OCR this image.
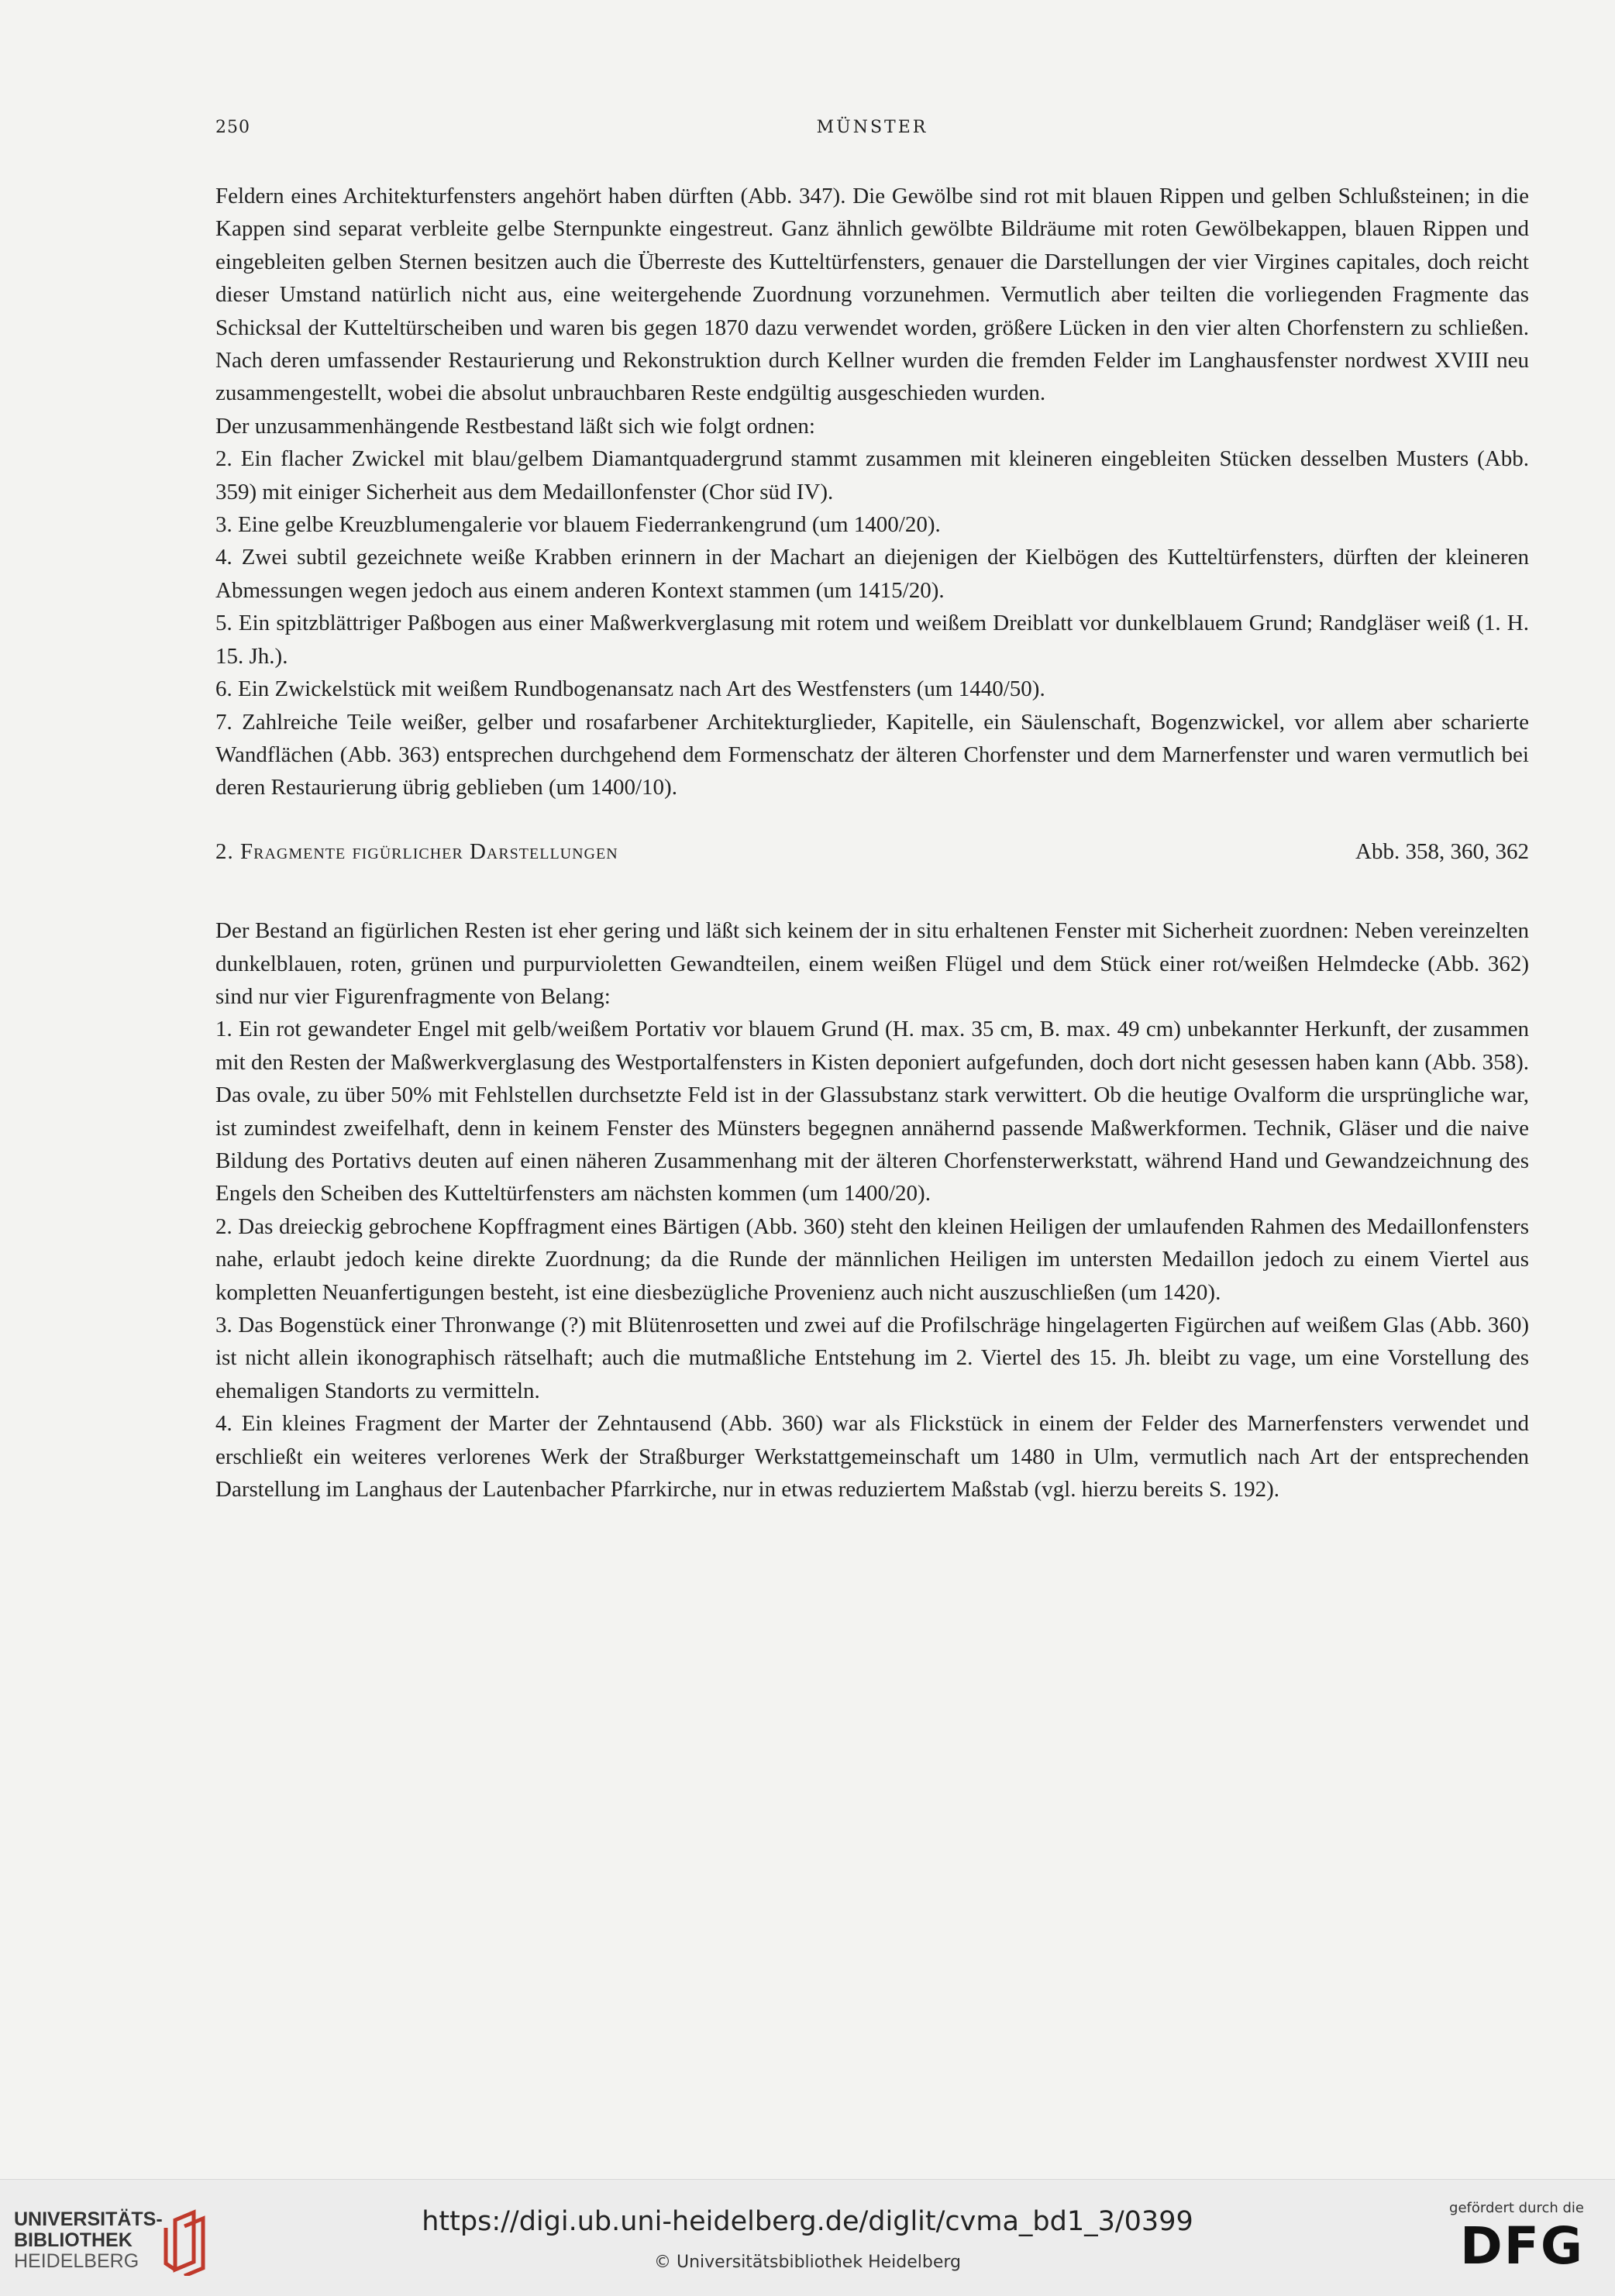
250	MÜNSTER

Feldern eines Architekturfensters angehört haben dürften (Abb. 347). Die Gewölbe sind rot mit blauen Rippen und gelben Schlußsteinen; in die Kappen sind separat verbleite gelbe Sternpunkte eingestreut. Ganz ähnlich gewölbte Bildräume mit roten Gewölbekappen, blauen Rippen und eingebleiten gelben Sternen besitzen auch die Überreste des Kutteltürfensters, genauer die Darstellungen der vier Virgines capitales, doch reicht dieser Umstand natürlich nicht aus, eine weitergehende Zuordnung vorzunehmen. Vermutlich aber teilten die vorliegenden Fragmente das Schicksal der Kutteltürscheiben und waren bis gegen 1870 dazu verwendet worden, größere Lücken in den vier alten Chorfenstern zu schließen. Nach deren umfassender Restaurierung und Rekonstruktion durch Kellner wurden die fremden Felder im Langhausfenster nordwest XVIII neu zusammengestellt, wobei die absolut unbrauchbaren Reste endgültig ausgeschieden wurden.

Der unzusammenhängende Restbestand läßt sich wie folgt ordnen:

2. Ein flacher Zwickel mit blau/gelbem Diamantquadergrund stammt zusammen mit kleineren eingebleiten Stücken desselben Musters (Abb. 359) mit einiger Sicherheit aus dem Medaillonfenster (Chor süd IV).

3. Eine gelbe Kreuzblumengalerie vor blauem Fiederrankengrund (um 1400/20).

4. Zwei subtil gezeichnete weiße Krabben erinnern in der Machart an diejenigen der Kielbögen des Kutteltürfensters, dürften der kleineren Abmessungen wegen jedoch aus einem anderen Kontext stammen (um 1415/20).

5. Ein spitzblättriger Paßbogen aus einer Maßwerkverglasung mit rotem und weißem Dreiblatt vor dunkelblauem Grund; Randgläser weiß (1. H. 15. Jh.).

6. Ein Zwickelstück mit weißem Rundbogenansatz nach Art des Westfensters (um 1440/50).

7. Zahlreiche Teile weißer, gelber und rosafarbener Architekturglieder, Kapitelle, ein Säulenschaft, Bogenzwickel, vor allem aber scharierte Wandflächen (Abb. 363) entsprechen durchgehend dem Formenschatz der älteren Chorfenster und dem Marnerfenster und waren vermutlich bei deren Restaurierung übrig geblieben (um 1400/10).

2. Fragmente figürlicher Darstellungen	Abb. 358, 360, 362

Der Bestand an figürlichen Resten ist eher gering und läßt sich keinem der in situ erhaltenen Fenster mit Sicherheit zuordnen: Neben vereinzelten dunkelblauen, roten, grünen und purpurvioletten Gewandteilen, einem weißen Flügel und dem Stück einer rot/weißen Helmdecke (Abb. 362) sind nur vier Figurenfragmente von Belang:

1. Ein rot gewandeter Engel mit gelb/weißem Portativ vor blauem Grund (H. max. 35 cm, B. max. 49 cm) unbekannter Herkunft, der zusammen mit den Resten der Maßwerkverglasung des Westportalfensters in Kisten deponiert aufgefunden, doch dort nicht gesessen haben kann (Abb. 358). Das ovale, zu über 50% mit Fehlstellen durchsetzte Feld ist in der Glassubstanz stark verwittert. Ob die heutige Ovalform die ursprüngliche war, ist zumindest zweifelhaft, denn in keinem Fenster des Münsters begegnen annähernd passende Maßwerkformen. Technik, Gläser und die naive Bildung des Portativs deuten auf einen näheren Zusammenhang mit der älteren Chorfensterwerkstatt, während Hand und Gewandzeichnung des Engels den Scheiben des Kutteltürfensters am nächsten kommen (um 1400/20).

2. Das dreieckig gebrochene Kopffragment eines Bärtigen (Abb. 360) steht den kleinen Heiligen der umlaufenden Rahmen des Medaillonfensters nahe, erlaubt jedoch keine direkte Zuordnung; da die Runde der männlichen Heiligen im untersten Medaillon jedoch zu einem Viertel aus kompletten Neuanfertigungen besteht, ist eine diesbezügliche Provenienz auch nicht auszuschließen (um 1420).

3. Das Bogenstück einer Thronwange (?) mit Blütenrosetten und zwei auf die Profilschräge hingelagerten Figürchen auf weißem Glas (Abb. 360) ist nicht allein ikonographisch rätselhaft; auch die mutmaßliche Entstehung im 2. Viertel des 15. Jh. bleibt zu vage, um eine Vorstellung des ehemaligen Standorts zu vermitteln.

4. Ein kleines Fragment der Marter der Zehntausend (Abb. 360) war als Flickstück in einem der Felder des Marnerfensters verwendet und erschließt ein weiteres verlorenes Werk der Straßburger Werkstattgemeinschaft um 1480 in Ulm, vermutlich nach Art der entsprechenden Darstellung im Langhaus der Lautenbacher Pfarrkirche, nur in etwas reduziertem Maßstab (vgl. hierzu bereits S. 192).

UNIVERSITÄTS-
BIBLIOTHEK
HEIDELBERG
https://digi.ub.uni-heidelberg.de/diglit/cvma_bd1_3/0399
© Universitätsbibliothek Heidelberg
gefördert durch die
DFG
